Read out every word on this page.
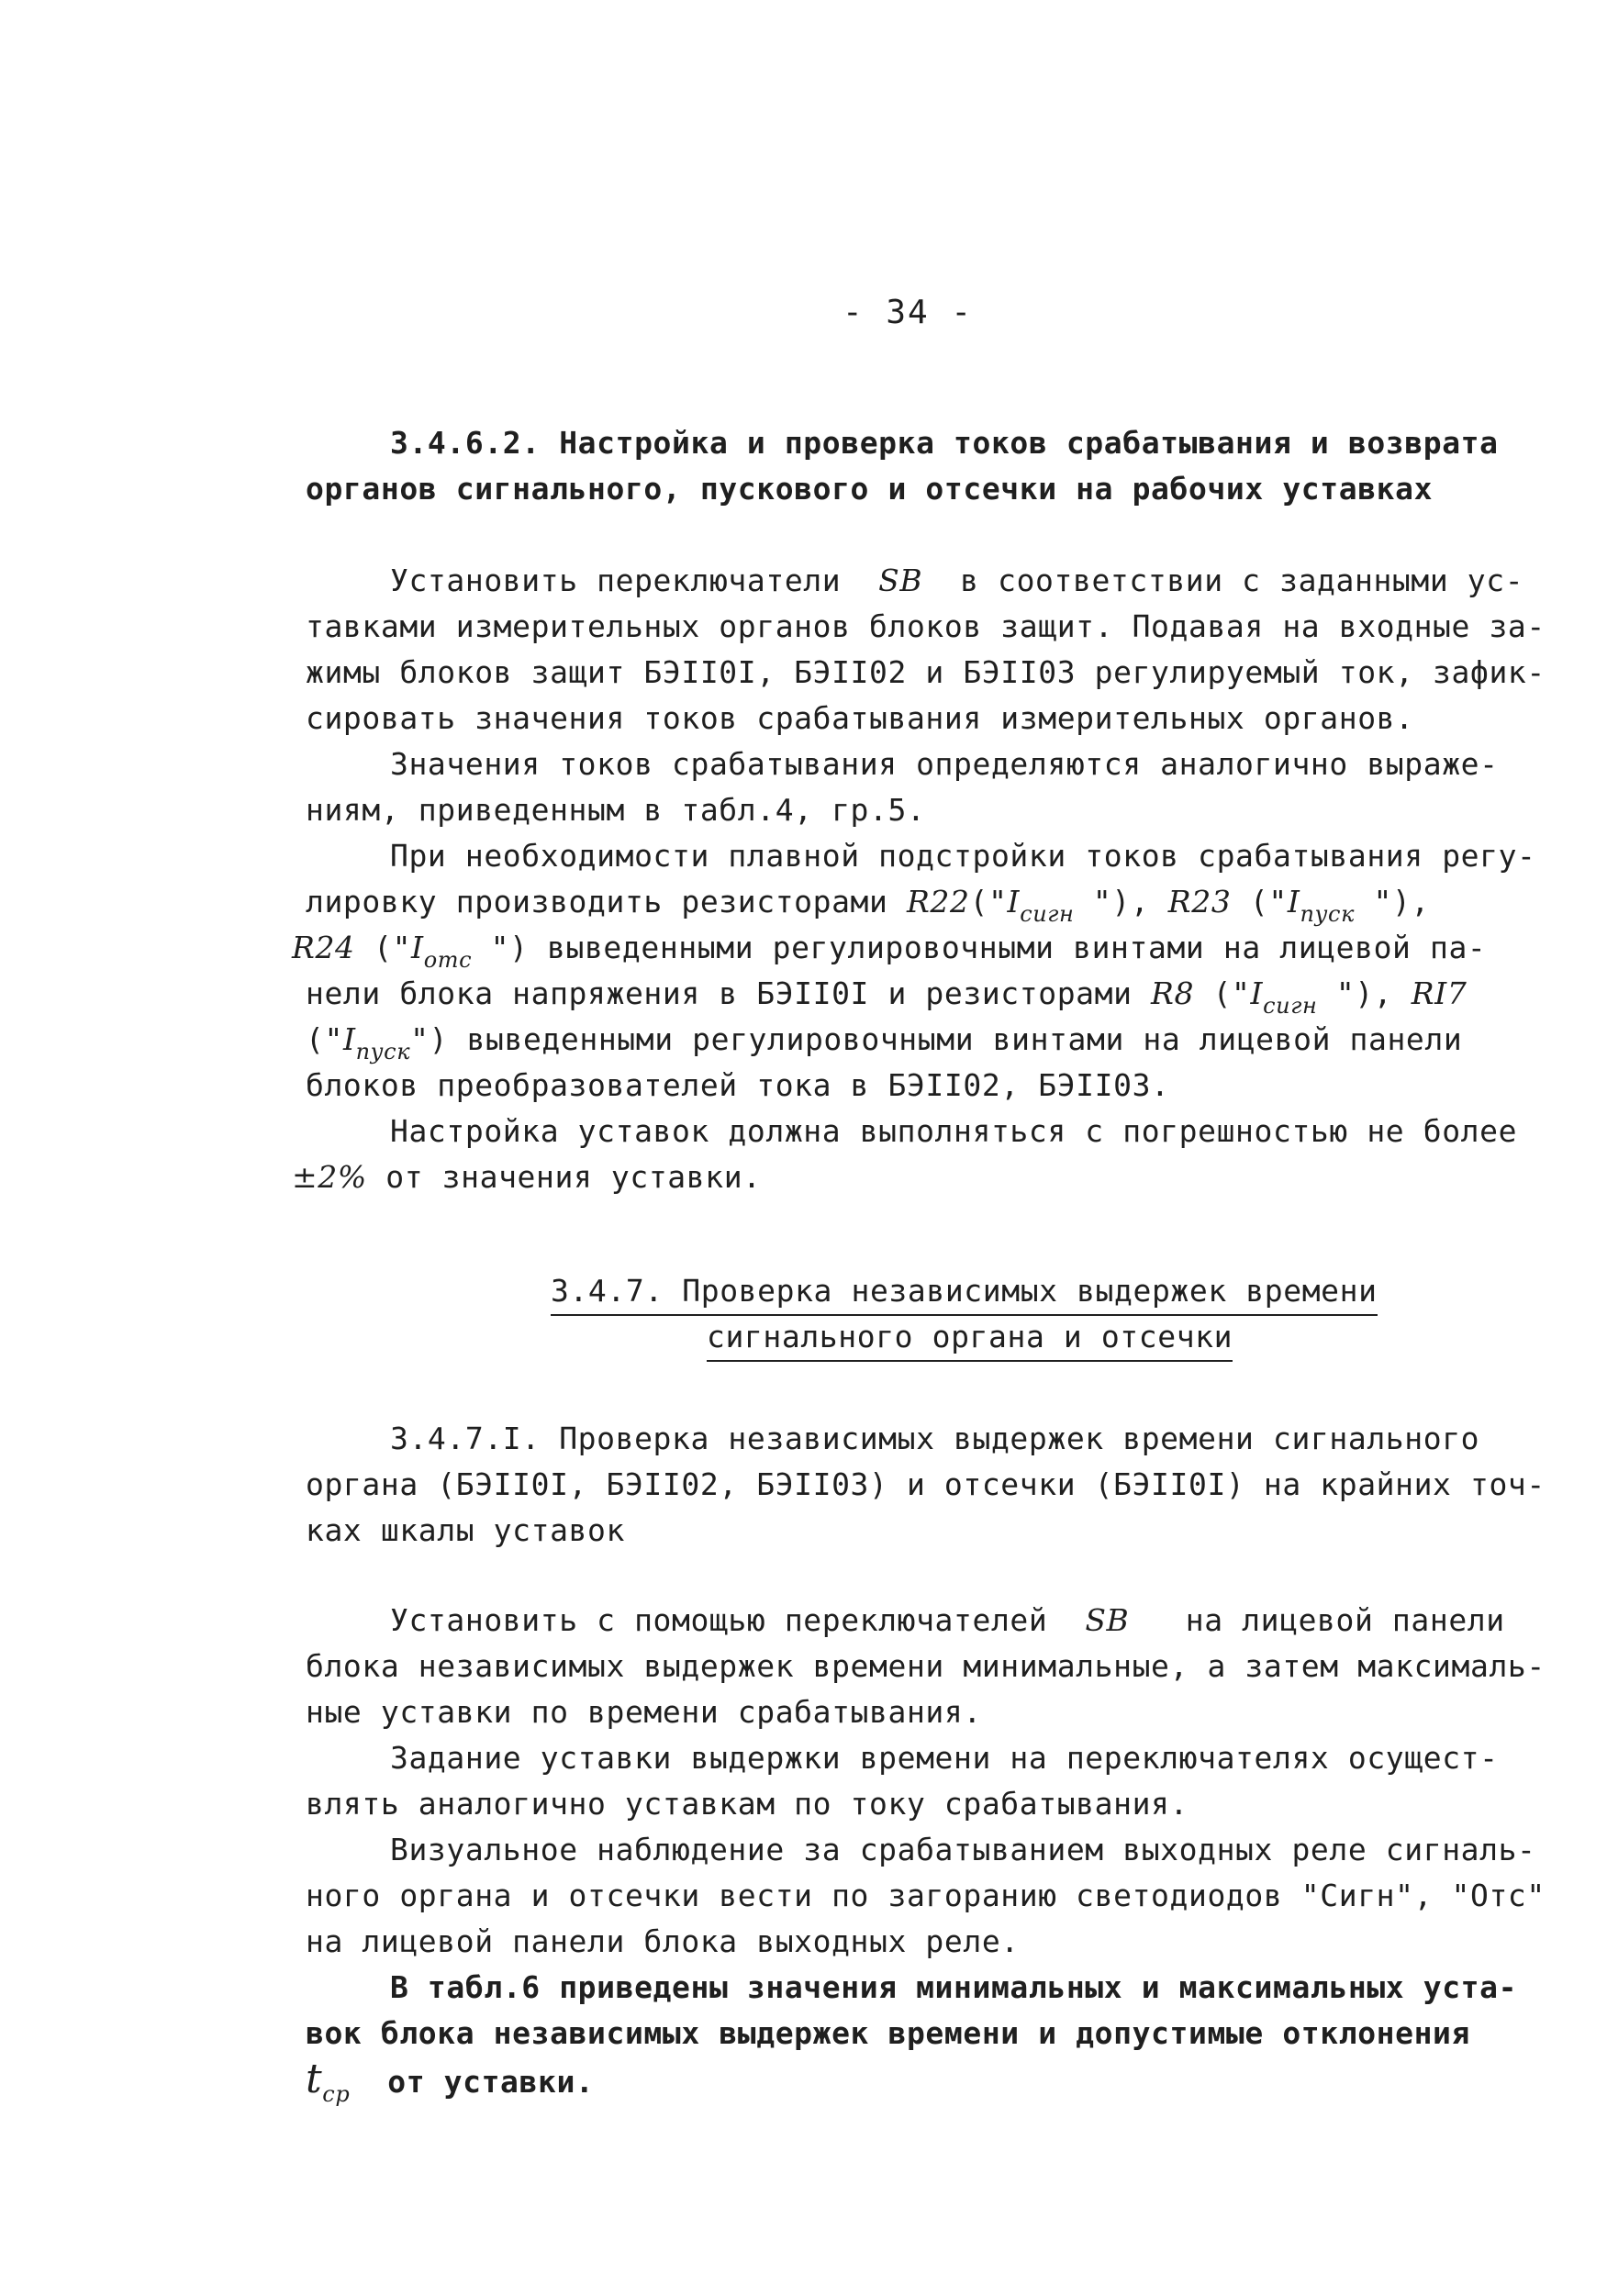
- 34 -
3.4.6.2. Настройка и проверка токов срабатывания и возврата
органов сигнального, пускового и отсечки на рабочих уставках
Установить переключатели SB в соответствии с заданными ус-
тавками измерительных органов блоков защит. Подавая на входные за-
жимы блоков защит БЭII0I, БЭII02 и БЭII03 регулируемый ток, зафик-
сировать значения токов срабатывания измерительных органов.
Значения токов срабатывания определяются аналогично выраже-
ниям, приведенным в табл.4, гр.5.
При необходимости плавной подстройки токов срабатывания регу-
лировку производить резисторами $R22("I_{сигн}$ "), R23 ("$I_{пуск}$ "),
R24 ("$I_{отс}$ ") выведенными регулировочными винтами на лицевой па-
нели блока напряжения в БЭII0I и резисторами R8 ("$I_{сигн}$ "), RI7
$("I_{пуск}")$ выведенными регулировочными винтами на лицевой панели
блоков преобразователей тока в БЭII02, БЭII03.
Настройка уставок должна выполняться с погрешностью не более
±2% от значения уставки.
3.4.7. Проверка независимых выдержек времени
сигнального органа и отсечки
3.4.7.I. Проверка независимых выдержек времени сигнального
органа (БЭII0I, БЭII02, БЭII03) и отсечки (БЭII0I) на крайних точ-
ках шкалы уставок
Установить с помощью переключателей SB на лицевой панели
блока независимых выдержек времени минимальные, а затем максималь-
ные уставки по времени срабатывания.
Задание уставки выдержки времени на переключателях осущест-
влять аналогично уставкам по току срабатывания.
Визуальное наблюдение за срабатыванием выходных реле сигналь-
ного органа и отсечки вести по загоранию светодиодов "Сигн", "Отс"
на лицевой панели блока выходных реле.
В табл.6 приведены значения минимальных и максимальных уста-
вок блока независимых выдержек времени и допустимые отклонения
$t_{ср}$ от уставки.
